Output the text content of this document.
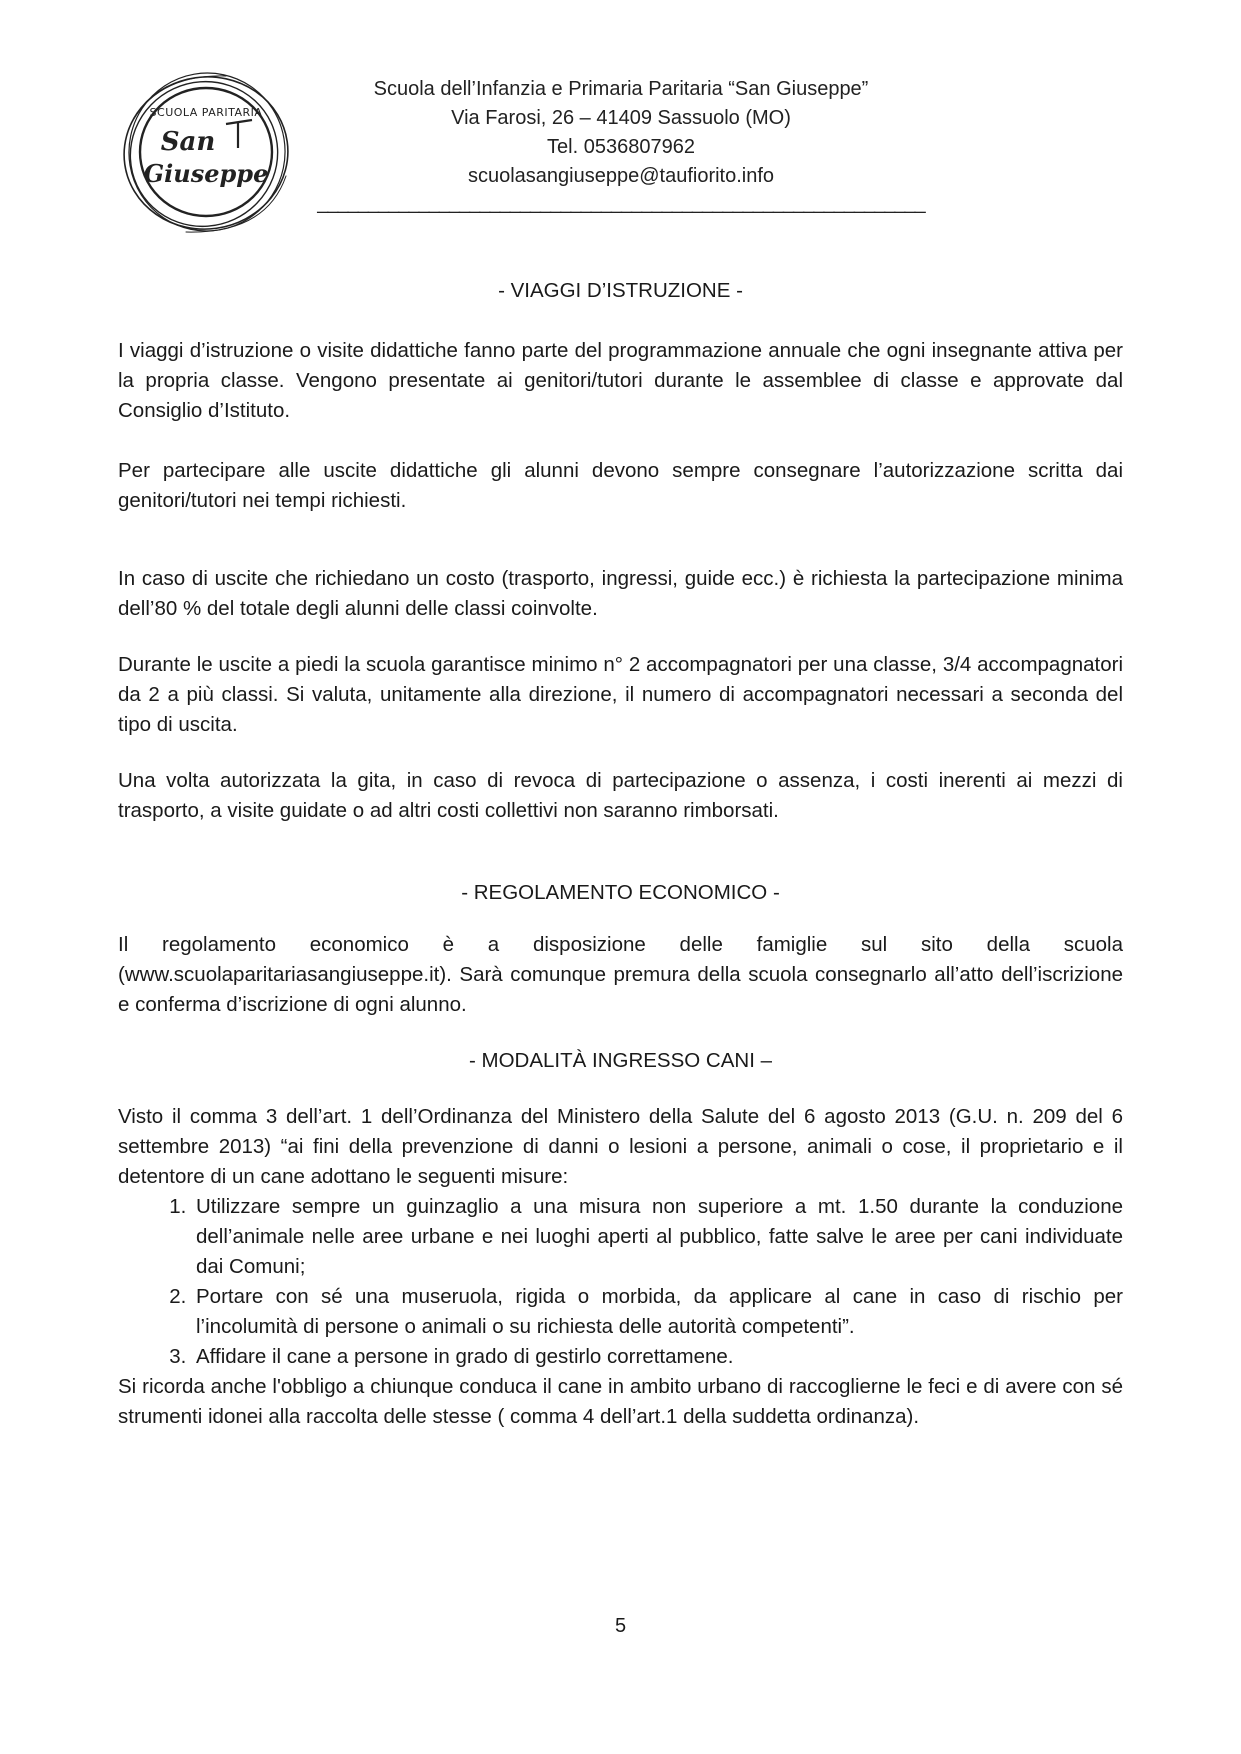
SCUOLA PARITARIA
San
Giuseppe
Scuola dell’Infanzia e Primaria Paritaria “San Giuseppe”
Via Farosi, 26 – 41409 Sassuolo (MO)
Tel. 0536807962
scuolasangiuseppe@taufiorito.info
____________________________________________________________
- VIAGGI D’ISTRUZIONE -

I viaggi d’istruzione o visite didattiche fanno parte del programmazione annuale che ogni insegnante attiva per la propria classe. Vengono presentate ai genitori/tutori durante le assemblee di classe e approvate dal Consiglio d’Istituto.

Per partecipare alle uscite didattiche gli alunni devono sempre consegnare l’autorizzazione scritta dai genitori/tutori nei tempi richiesti.

In caso di uscite che richiedano un costo (trasporto, ingressi, guide ecc.) è richiesta la partecipazione minima dell’80 % del totale degli alunni delle classi coinvolte.

Durante le uscite a piedi la scuola garantisce minimo n° 2 accompagnatori per una classe, 3/4 accompagnatori da 2 a più classi. Si valuta, unitamente alla direzione, il numero di accompagnatori necessari a seconda del tipo di uscita.

Una volta autorizzata la gita, in caso di revoca di partecipazione o assenza, i costi inerenti ai mezzi di trasporto, a visite guidate o ad altri costi collettivi non saranno rimborsati.

- REGOLAMENTO ECONOMICO -

Il regolamento economico è a disposizione delle famiglie sul sito della scuola (www.scuolaparitariasangiuseppe.it). Sarà comunque premura della scuola consegnarlo all’atto dell’iscrizione e conferma d’iscrizione di ogni alunno.

- MODALITÀ INGRESSO CANI –

Visto il comma 3 dell’art. 1 dell’Ordinanza del Ministero della Salute del 6 agosto 2013 (G.U. n. 209 del 6 settembre 2013) “ai fini della prevenzione di danni o lesioni a persone, animali o cose, il proprietario e il detentore di un cane adottano le seguenti misure:

1. Utilizzare sempre un guinzaglio a una misura non superiore a mt. 1.50 durante la conduzione dell’animale nelle aree urbane e nei luoghi aperti al pubblico, fatte salve le aree per cani individuate dai Comuni;
2. Portare con sé una museruola, rigida o morbida, da applicare al cane in caso di rischio per l’incolumità di persone o animali o su richiesta delle autorità competenti”.
3. Affidare il cane a persone in grado di gestirlo correttamene.

Si ricorda anche l'obbligo a chiunque conduca il cane in ambito urbano di raccoglierne le feci e di avere con sé strumenti idonei alla raccolta delle stesse ( comma 4 dell’art.1 della suddetta ordinanza).

5
